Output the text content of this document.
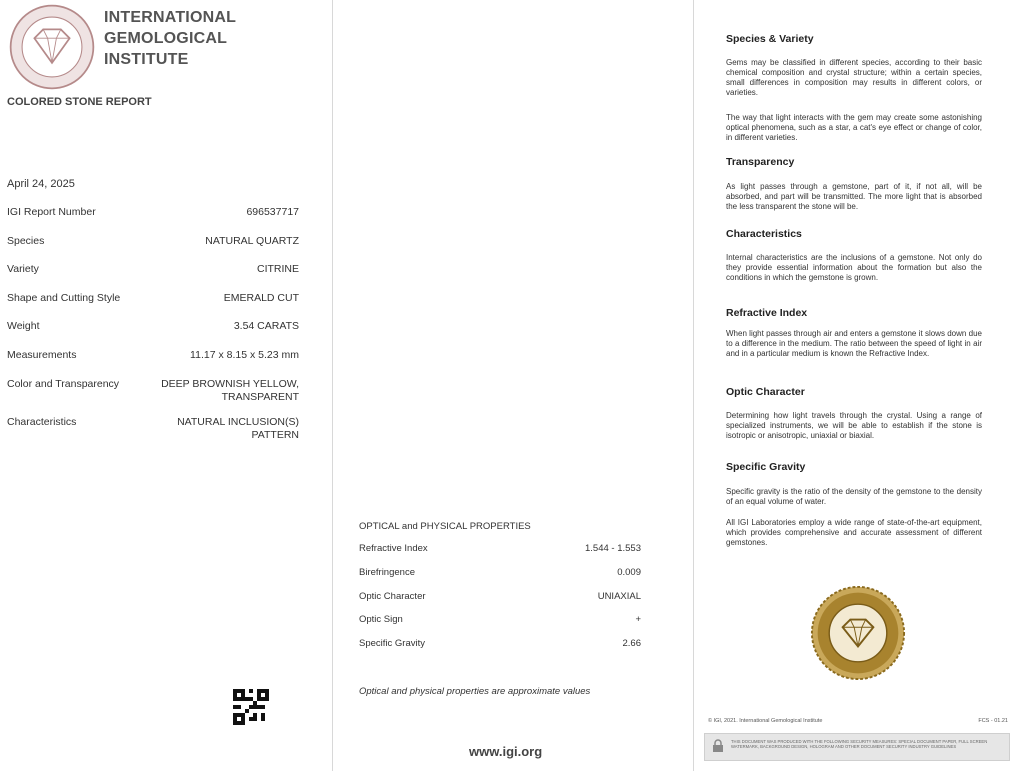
INTERNATIONAL
GEMOLOGICAL
INSTITUTE
COLORED STONE REPORT
April 24, 2025
IGI Report Number	696537717
Species	NATURAL QUARTZ
Variety	CITRINE
Shape and Cutting Style	EMERALD CUT
Weight	3.54 CARATS
Measurements	11.17 x 8.15 x 5.23 mm
Color and Transparency	DEEP BROWNISH YELLOW,
TRANSPARENT
Characteristics	NATURAL INCLUSION(S)
PATTERN
OPTICAL and PHYSICAL PROPERTIES
Refractive Index	1.544 - 1.553
Birefringence	0.009
Optic Character	UNIAXIAL
Optic Sign	+
Specific Gravity	2.66
Optical and physical properties are approximate values
www.igi.org
Species & Variety
Gems may be classified in different species, according to their basic chemical composition and crystal structure; within a certain species, small differences in composition may results in different colors, or varieties.
The way that light interacts with the gem may create some astonishing optical phenomena, such as a star, a cat's eye effect or change of color, in different varieties.
Transparency
As light passes through a gemstone, part of it, if not all, will be absorbed, and part will be transmitted. The more light that is absorbed the less transparent the stone will be.
Characteristics
Internal characteristics are the inclusions of a gemstone. Not only do they provide essential information about the formation but also the conditions in which the gemstone is grown.
Refractive Index
When light passes through air and enters a gemstone it slows down due to a difference in the medium. The ratio between the speed of light in air and in a particular medium is known the Refractive Index.
Optic Character
Determining how light travels through the crystal. Using a range of specialized instruments, we will be able to establish if the stone is isotropic or anisotropic, uniaxial or biaxial.
Specific Gravity
Specific gravity is the ratio of the density of the gemstone to the density of an equal volume of water.
All IGI Laboratories employ a wide range of state-of-the-art equipment, which provides comprehensive and accurate assessment of different gemstones.
© IGI, 2021. International Gemological Institute	FCS - 01.21
THIS DOCUMENT WAS PRODUCED WITH THE FOLLOWING SECURITY MEASURES: SPECIAL DOCUMENT PAPER, FULL SCREEN WATERMARK, BACKGROUND DESIGN, HOLOGRAM AND OTHER DOCUMENT SECURITY INDUSTRY GUIDELINES
